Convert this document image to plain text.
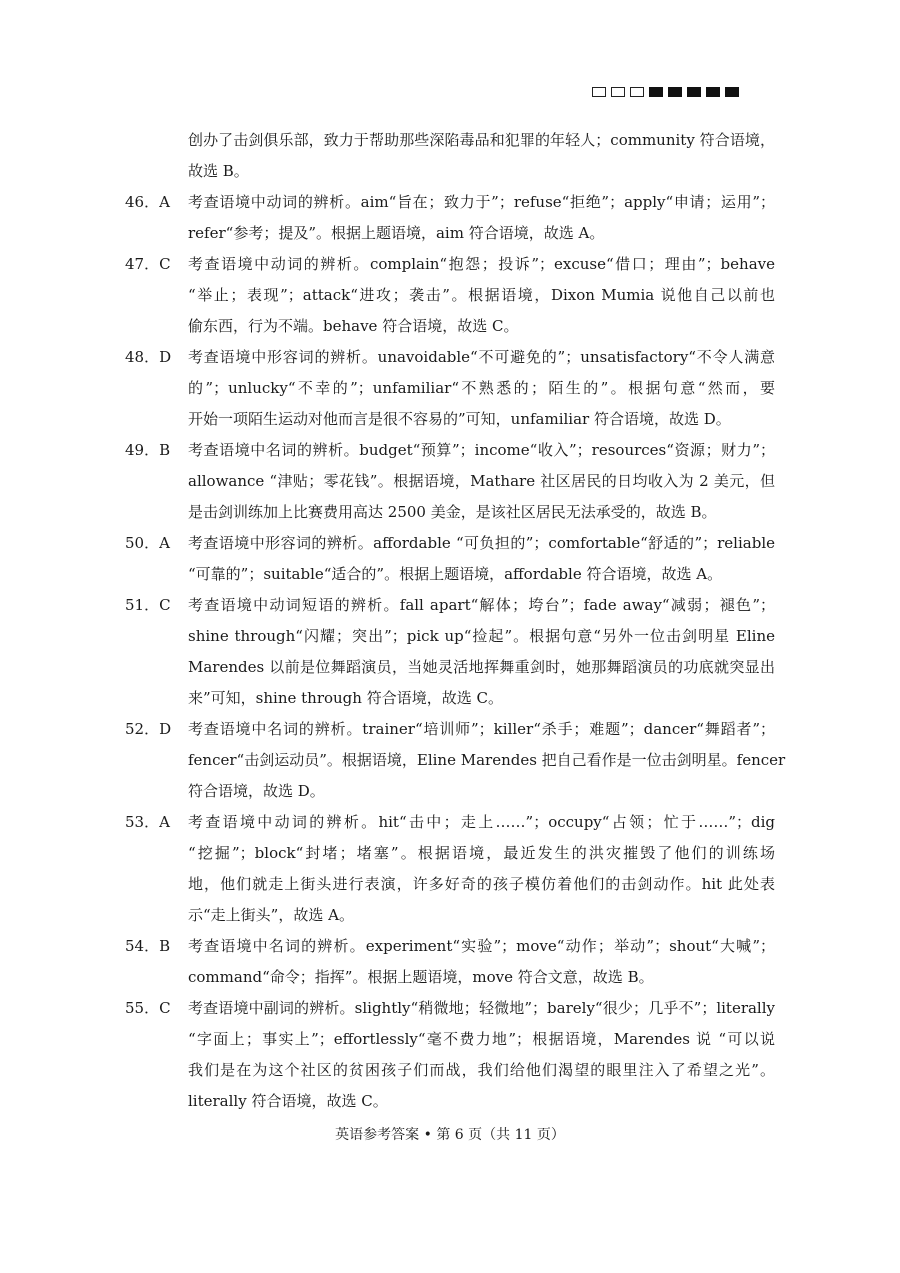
创办了击剑俱乐部，致力于帮助那些深陷毒品和犯罪的年轻人；community 符合语境，
故选 B。
46．A	考查语境中动词的辨析。aim“旨在；致力于”；refuse“拒绝”；apply“申请；运用”；
refer“参考；提及”。根据上题语境，aim 符合语境，故选 A。
47．C	考查语境中动词的辨析。complain“抱怨；投诉”；excuse“借口；理由”；behave
“举止；表现”；attack“进攻；袭击”。根据语境，Dixon Mumia 说他自己以前也
偷东西，行为不端。behave 符合语境，故选 C。
48．D	考查语境中形容词的辨析。unavoidable“不可避免的”；unsatisfactory“不令人满意
的”；unlucky“不幸的”；unfamiliar“不熟悉的；陌生的”。根据句意“然而，要
开始一项陌生运动对他而言是很不容易的”可知，unfamiliar 符合语境，故选 D。
49．B	考查语境中名词的辨析。budget“预算”；income“收入”；resources“资源；财力”；
allowance “津贴；零花钱”。根据语境，Mathare 社区居民的日均收入为 2 美元，但
是击剑训练加上比赛费用高达 2500 美金，是该社区居民无法承受的，故选 B。
50．A	考查语境中形容词的辨析。affordable “可负担的”；comfortable“舒适的”；reliable
“可靠的”；suitable“适合的”。根据上题语境，affordable 符合语境，故选 A。
51．C	考查语境中动词短语的辨析。fall apart“解体；垮台”；fade away“减弱；褪色”；
shine through“闪耀；突出”；pick up“捡起”。根据句意“另外一位击剑明星 Eline
Marendes 以前是位舞蹈演员，当她灵活地挥舞重剑时，她那舞蹈演员的功底就突显出
来”可知，shine through 符合语境，故选 C。
52．D	考查语境中名词的辨析。trainer“培训师”；killer“杀手；难题”；dancer“舞蹈者”；
fencer“击剑运动员”。根据语境，Eline Marendes 把自己看作是一位击剑明星。fencer
符合语境，故选 D。
53．A	考查语境中动词的辨析。hit“击中；走上……”；occupy“占领；忙于……”；dig
“挖掘”；block“封堵；堵塞”。根据语境，最近发生的洪灾摧毁了他们的训练场
地，他们就走上街头进行表演，许多好奇的孩子模仿着他们的击剑动作。hit 此处表
示“走上街头”，故选 A。
54．B	考查语境中名词的辨析。experiment“实验”；move“动作；举动”；shout“大喊”；
command“命令；指挥”。根据上题语境，move 符合文意，故选 B。
55．C	考查语境中副词的辨析。slightly“稍微地；轻微地”；barely“很少；几乎不”；literally
“字面上；事实上”；effortlessly“毫不费力地”；根据语境，Marendes 说 “可以说
我们是在为这个社区的贫困孩子们而战，我们给他们渴望的眼里注入了希望之光”。
literally 符合语境，故选 C。
英语参考答案 • 第 6 页（共 11 页）
